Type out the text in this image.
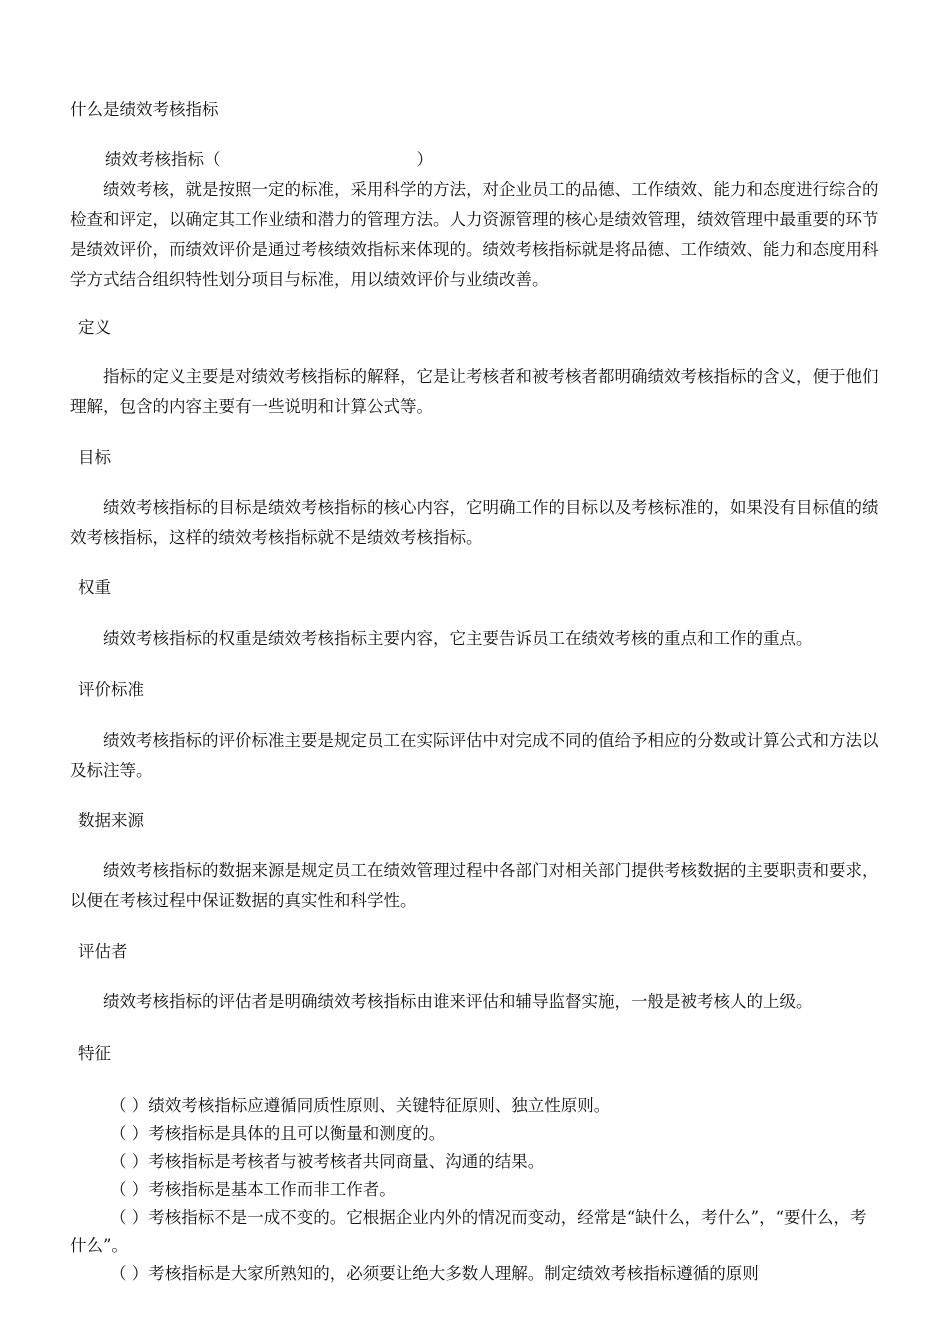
什么是绩效考核指标
绩效考核指标（	）
绩效考核，就是按照一定的标准，采用科学的方法，对企业员工的品德、工作绩效、能力和态度进行综合的检查和评定，以确定其工作业绩和潜力的管理方法。人力资源管理的核心是绩效管理，绩效管理中最重要的环节是绩效评价，而绩效评价是通过考核绩效指标来体现的。绩效考核指标就是将品德、工作绩效、能力和态度用科学方式结合组织特性划分项目与标准，用以绩效评价与业绩改善。
定义
指标的定义主要是对绩效考核指标的解释，它是让考核者和被考核者都明确绩效考核指标的含义，便于他们理解，包含的内容主要有一些说明和计算公式等。
目标
绩效考核指标的目标是绩效考核指标的核心内容，它明确工作的目标以及考核标准的，如果没有目标值的绩效考核指标，这样的绩效考核指标就不是绩效考核指标。
权重
绩效考核指标的权重是绩效考核指标主要内容，它主要告诉员工在绩效考核的重点和工作的重点。
评价标准
绩效考核指标的评价标准主要是规定员工在实际评估中对完成不同的值给予相应的分数或计算公式和方法以及标注等。
数据来源
绩效考核指标的数据来源是规定员工在绩效管理过程中各部门对相关部门提供考核数据的主要职责和要求，以便在考核过程中保证数据的真实性和科学性。
评估者
绩效考核指标的评估者是明确绩效考核指标由谁来评估和辅导监督实施，一般是被考核人的上级。
特征
（ ）绩效考核指标应遵循同质性原则、关键特征原则、独立性原则。
（ ）考核指标是具体的且可以衡量和测度的。
（ ）考核指标是考核者与被考核者共同商量、沟通的结果。
（ ）考核指标是基本工作而非工作者。
（ ）考核指标不是一成不变的。它根据企业内外的情况而变动，经常是“缺什么，考什么”，“要什么，考什么”。
（ ）考核指标是大家所熟知的，必须要让绝大多数人理解。制定绩效考核指标遵循的原则
